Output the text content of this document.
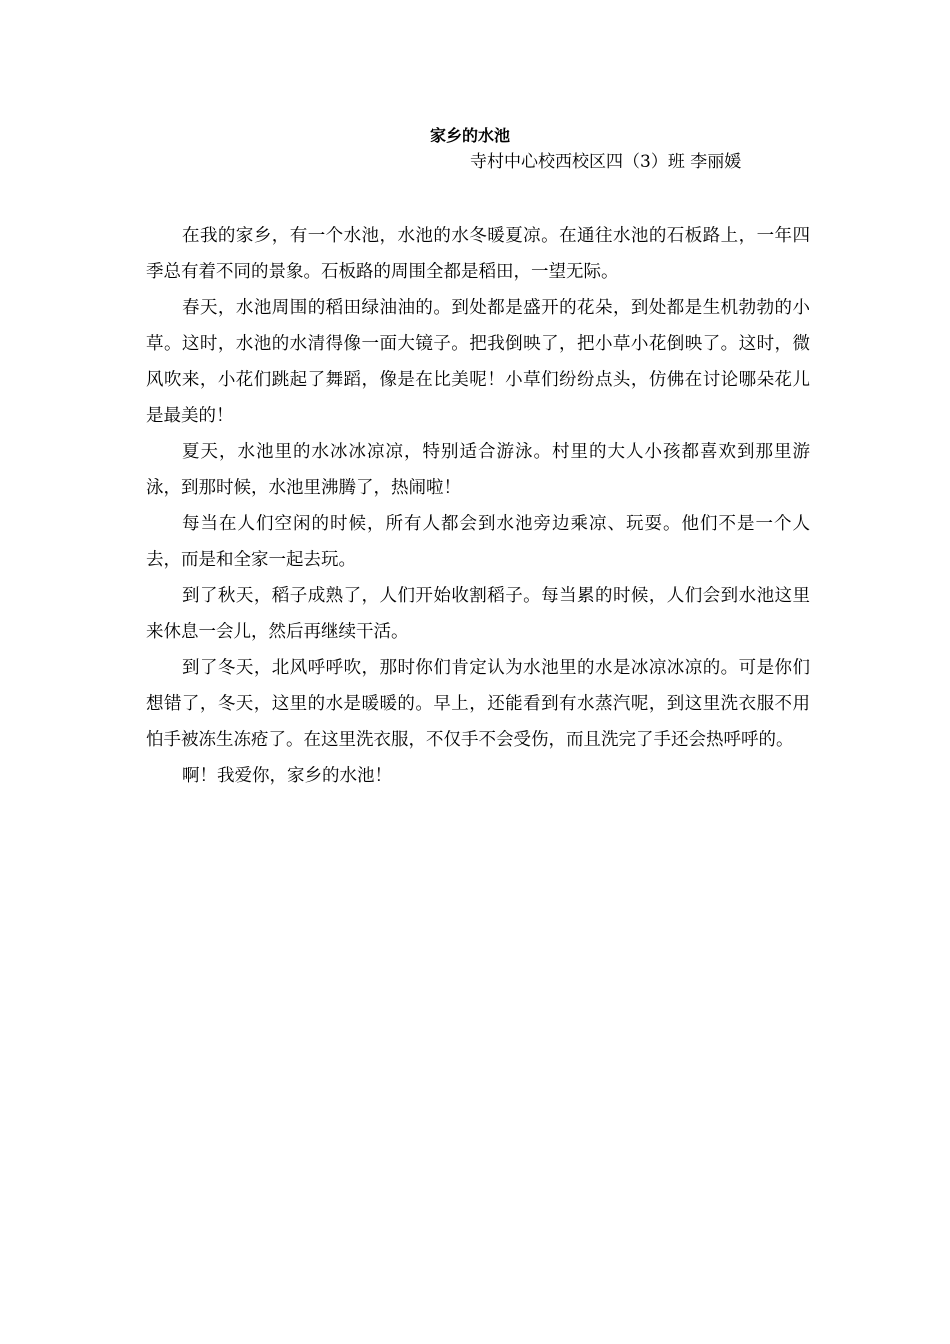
家乡的水池
寺村中心校西校区四（3）班 李丽媛

在我的家乡，有一个水池，水池的水冬暖夏凉。在通往水池的石板路上，一年四季总有着不同的景象。石板路的周围全都是稻田，一望无际。

春天，水池周围的稻田绿油油的。到处都是盛开的花朵，到处都是生机勃勃的小草。这时，水池的水清得像一面大镜子。把我倒映了，把小草小花倒映了。这时，微风吹来，小花们跳起了舞蹈，像是在比美呢！小草们纷纷点头，仿佛在讨论哪朵花儿是最美的！

夏天，水池里的水冰冰凉凉，特别适合游泳。村里的大人小孩都喜欢到那里游泳，到那时候，水池里沸腾了，热闹啦！

每当在人们空闲的时候，所有人都会到水池旁边乘凉、玩耍。他们不是一个人去，而是和全家一起去玩。

到了秋天，稻子成熟了，人们开始收割稻子。每当累的时候，人们会到水池这里来休息一会儿，然后再继续干活。

到了冬天，北风呼呼吹，那时你们肯定认为水池里的水是冰凉冰凉的。可是你们想错了，冬天，这里的水是暖暖的。早上，还能看到有水蒸汽呢，到这里洗衣服不用怕手被冻生冻疮了。在这里洗衣服，不仅手不会受伤，而且洗完了手还会热呼呼的。

啊！我爱你，家乡的水池！
